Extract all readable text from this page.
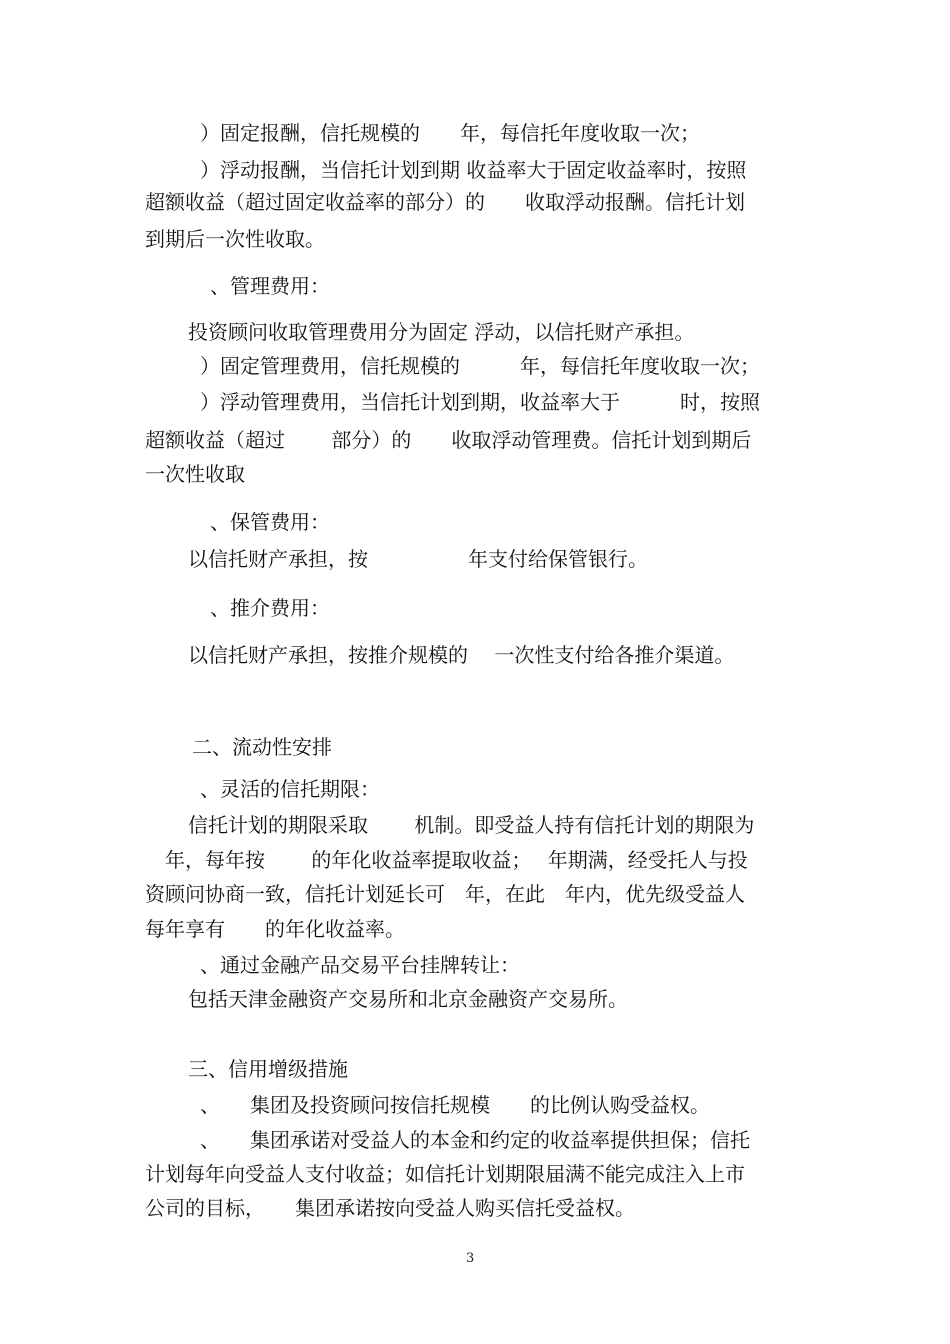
）固定报酬，信托规模的　　年，每信托年度收取一次；
）浮动报酬，当信托计划到期 收益率大于固定收益率时，按照
超额收益（超过固定收益率的部分）的　　收取浮动报酬。信托计划
到期后一次性收取。
、管理费用：
投资顾问收取管理费用分为固定 浮动，以信托财产承担。
）固定管理费用，信托规模的　　　年，每信托年度收取一次；
）浮动管理费用，当信托计划到期，收益率大于　　　时，按照
超额收益（超过　　 部分）的　　收取浮动管理费。信托计划到期后
一次性收取
、保管费用：
以信托财产承担，按　　　　　年支付给保管银行。
、推介费用：
以信托财产承担，按推介规模的　 一次性支付给各推介渠道。
二、流动性安排
、灵活的信托期限：
信托计划的期限采取　　 机制。即受益人持有信托计划的期限为
年，每年按　　 的年化收益率提取收益；　 年期满，经受托人与投
资顾问协商一致，信托计划延长可　年，在此　年内，优先级受益人
每年享有　　的年化收益率。
、通过金融产品交易平台挂牌转让：
包括天津金融资产交易所和北京金融资产交易所。
三、信用增级措施
、　　集团及投资顾问按信托规模　　的比例认购受益权。
、　　集团承诺对受益人的本金和约定的收益率提供担保；信托
计划每年向受益人支付收益；如信托计划期限届满不能完成注入上市
公司的目标，　　集团承诺按向受益人购买信托受益权。
3
